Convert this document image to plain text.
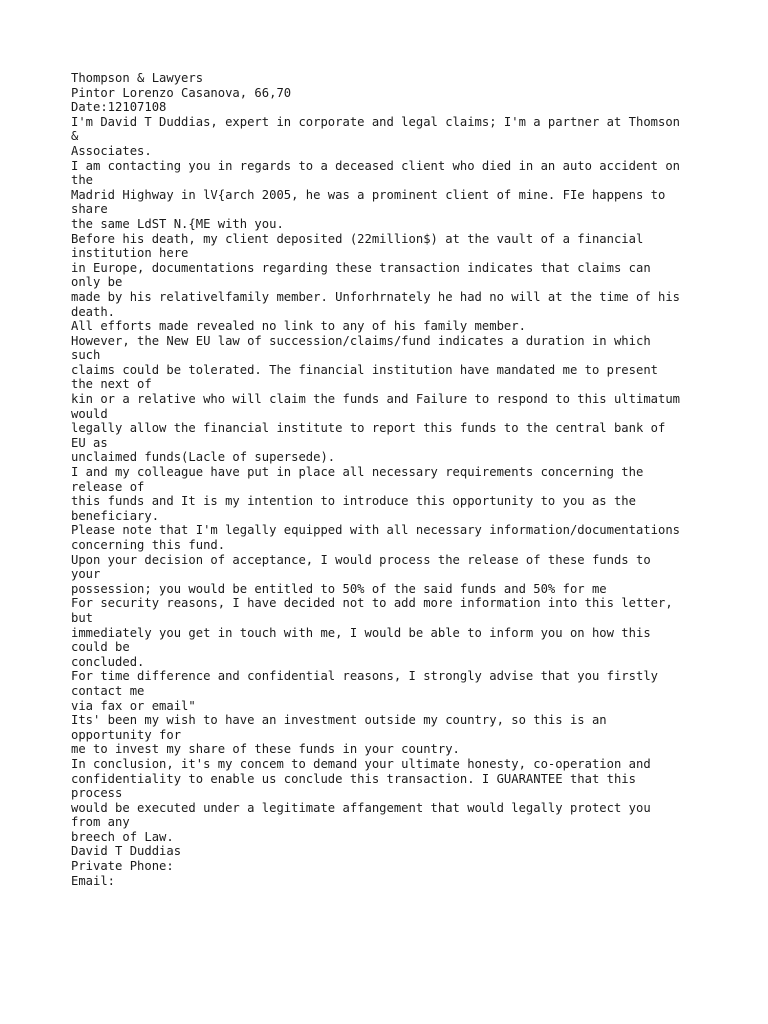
Thompson & Lawyers
Pintor Lorenzo Casanova, 66,70
Date:12107108
I'm David T Duddias, expert in corporate and legal claims; I'm a partner at Thomson
&
Associates.
I am contacting you in regards to a deceased client who died in an auto accident on
the
Madrid Highway in lV{arch 2005, he was a prominent client of mine. FIe happens to
share
the same LdST N.{ME with you.
Before his death, my client deposited (22million$) at the vault of a financial
institution here
in Europe, documentations regarding these transaction indicates that claims can
only be
made by his relativelfamily member. Unforhrnately he had no will at the time of his
death.
All efforts made revealed no link to any of his family member.
However, the New EU law of succession/claims/fund indicates a duration in which
such
claims could be tolerated. The financial institution have mandated me to present
the next of
kin or a relative who will claim the funds and Failure to respond to this ultimatum
would
legally allow the financial institute to report this funds to the central bank of
EU as
unclaimed funds(Lacle of supersede).
I and my colleague have put in place all necessary requirements concerning the
release of
this funds and It is my intention to introduce this opportunity to you as the
beneficiary.
Please note that I'm legally equipped with all necessary information/documentations
concerning this fund.
Upon your decision of acceptance, I would process the release of these funds to
your
possession; you would be entitled to 50% of the said funds and 50% for me
For security reasons, I have decided not to add more information into this letter,
but
immediately you get in touch with me, I would be able to inform you on how this
could be
concluded.
For time difference and confidential reasons, I strongly advise that you firstly
contact me
via fax or email"
Its' been my wish to have an investment outside my country, so this is an
opportunity for
me to invest my share of these funds in your country.
In conclusion, it's my concem to demand your ultimate honesty, co-operation and
confidentiality to enable us conclude this transaction. I GUARANTEE that this
process
would be executed under a legitimate affangement that would legally protect you
from any
breech of Law.
David T Duddias
Private Phone:
Email:
